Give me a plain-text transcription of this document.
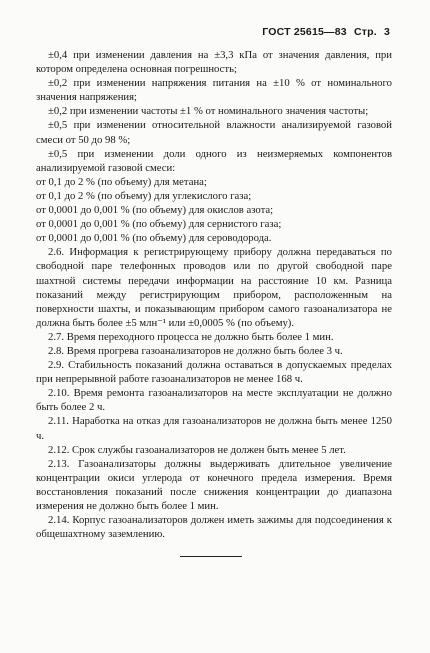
ГОСТ 25615—83 Стр. 3

±0,4 при изменении давления на ±3,3 кПа от значения давления, при котором определена основная погрешность;

±0,2 при изменении напряжения питания на ±10 % от номинального значения напряжения;

±0,2 при изменении частоты ±1 % от номинального значения частоты;

±0,5 при изменении относительной влажности анализируемой газовой смеси от 50 до 98 %;

±0,5 при изменении доли одного из неизмеряемых компонентов анализируемой газовой смеси:

от 0,1 до 2 % (по объему) для метана;

от 0,1 до 2 % (по объему) для углекислого газа;

от 0,0001 до 0,001 % (по объему) для окислов азота;

от 0,0001 до 0,001 % (по объему) для сернистого газа;

от 0,0001 до 0,001 % (по объему) для сероводорода.

2.6. Информация к регистрирующему прибору должна передаваться по свободной паре телефонных проводов или по другой свободной паре шахтной системы передачи информации на расстояние 10 км. Разница показаний между регистрирующим прибором, расположенным на поверхности шахты, и показывающим прибором самого газоанализатора не должна быть более ±5 млн⁻¹ или ±0,0005 % (по объему).

2.7. Время переходного процесса не должно быть более 1 мин.

2.8. Время прогрева газоанализаторов не должно быть более 3 ч.

2.9. Стабильность показаний должна оставаться в допускаемых пределах при непрерывной работе газоанализаторов не менее 168 ч.

2.10. Время ремонта газоанализаторов на месте эксплуатации не должно быть более 2 ч.

2.11. Наработка на отказ для газоанализаторов не должна быть менее 1250 ч.

2.12. Срок службы газоанализаторов не должен быть менее 5 лет.

2.13. Газоанализаторы должны выдерживать длительное увеличение концентрации окиси углерода от конечного предела измерения. Время восстановления показаний после снижения концентрации до диапазона измерения не должно быть более 1 мин.

2.14. Корпус газоанализаторов должен иметь зажимы для подсоединения к общешахтному заземлению.
